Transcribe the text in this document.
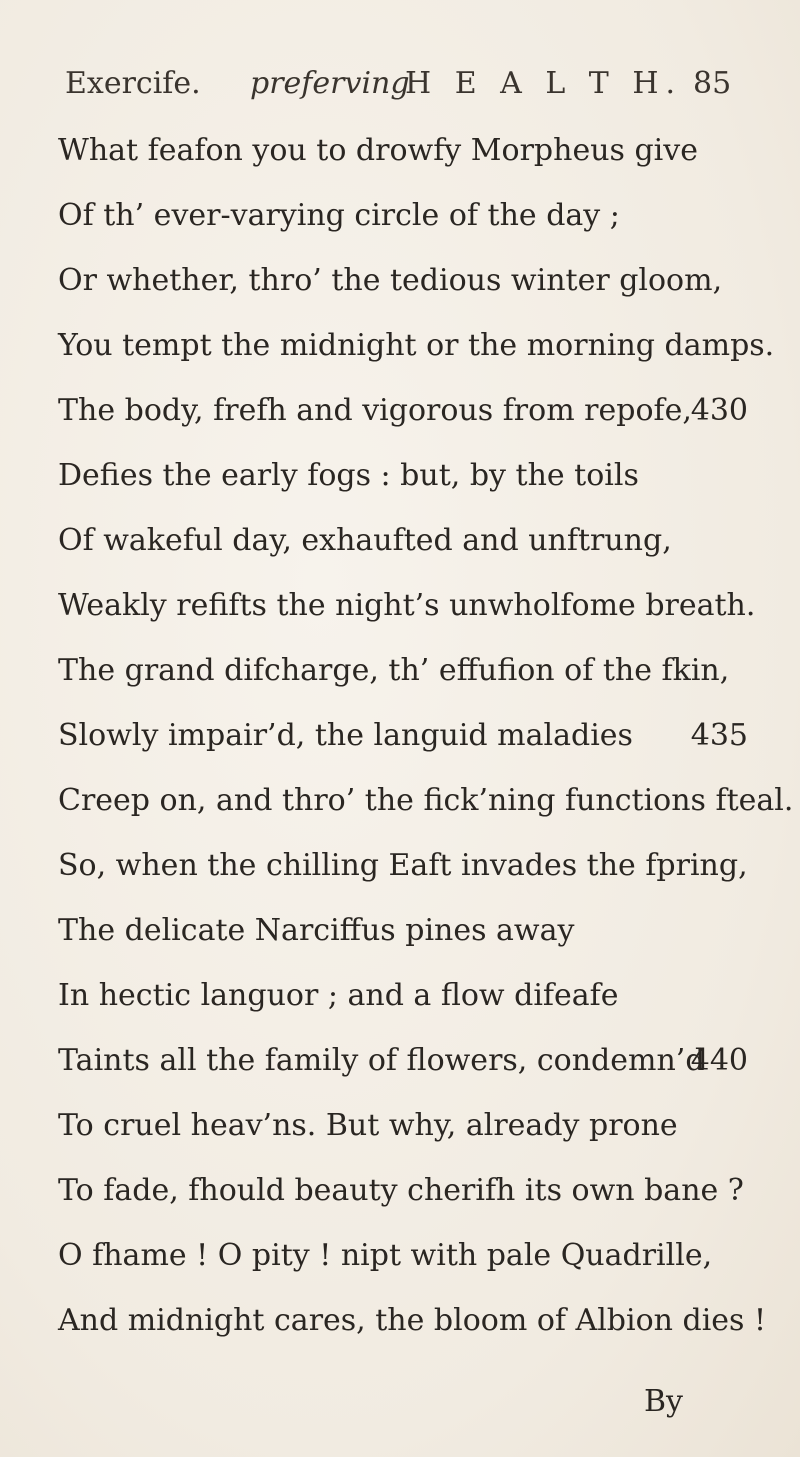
Exercife. preferving
H E A L T H. 85
What feafon you to drowfy Morpheus give
Of th’ ever-varying circle of the day ;
Or whether, thro’ the tedious winter gloom,
You tempt the midnight or the morning damps.
The body, frefh and vigorous from repofe,
430
Defies the early fogs : but, by the toils
Of wakeful day, exhaufted and unftrung,
Weakly refifts the night’s unwholfome breath.
The grand difcharge, th’ effufion of the fkin,
Slowly impair’d, the languid maladies 435
Creep on, and thro’ the fick’ning functions fteal.
So, when the chilling Eaft invades the fpring,
The delicate Narciffus pines away
In hectic languor ; and a flow difeafe
Taints all the family of flowers, condemn’d
440
To cruel heav’ns. But why, already prone
To fade, fhould beauty cherifh its own bane ?
O fhame ! O pity ! nipt with pale Quadrille,
And midnight cares, the bloom of Albion dies !
By
